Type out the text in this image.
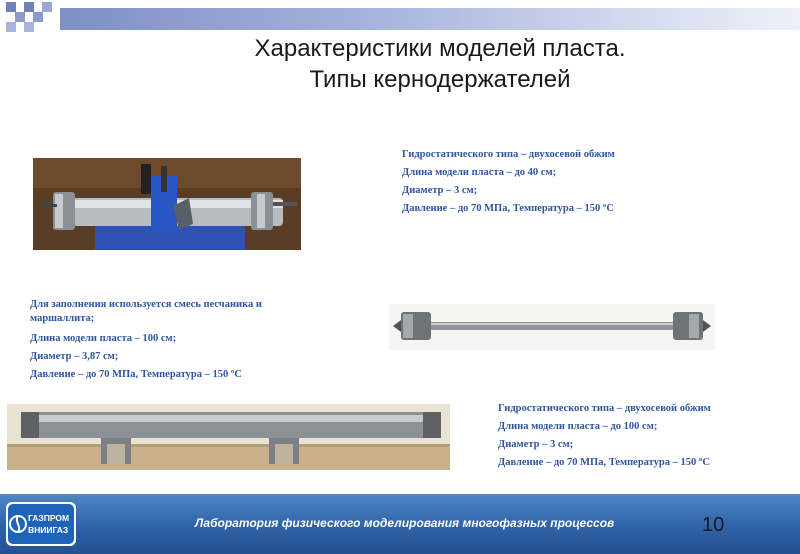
Характеристики моделей пласта.
Типы кернодержателей
Гидростатического типа – двухосевой обжим
Длина модели пласта – до 40 см;
Диаметр – 3 см;
Давление – до 70 МПа, Температура – 150 ºC
Для заполнения используется смесь песчаника и маршаллита;
Длина модели пласта – 100 см;
Диаметр – 3,87 см;
Давление – до 70 МПа, Температура – 150 ºC
Гидростатического типа – двухосевой обжим
Длина модели пласта – до 100 см;
Диаметр – 3 см;
Давление – до 70 МПа, Температура – 150 ºC
ГАЗПРОМ
ВНИИГАЗ	Лаборатория физического моделирования многофазных процессов	10
